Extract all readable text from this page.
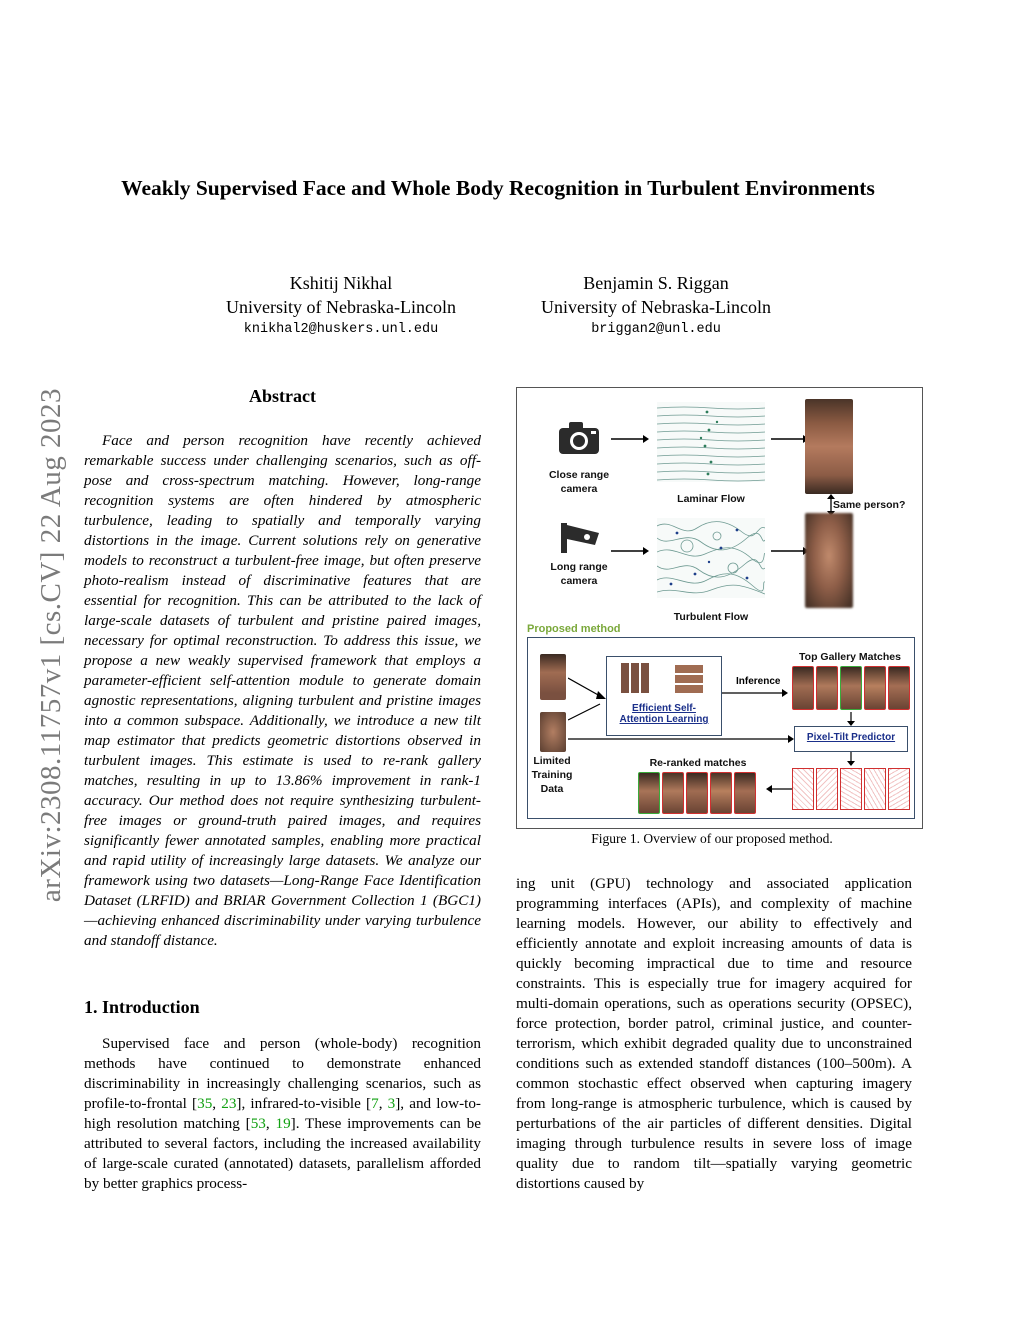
Weakly Supervised Face and Whole Body Recognition in Turbulent Environments
Kshitij Nikhal
University of Nebraska-Lincoln
knikhal2@huskers.unl.edu
Benjamin S. Riggan
University of Nebraska-Lincoln
briggan2@unl.edu
arXiv:2308.11757v1 [cs.CV] 22 Aug 2023	Abstract
Face and person recognition have recently achieved remarkable success under challenging scenarios, such as off-pose and cross-spectrum matching. However, long-range recognition systems are often hindered by atmospheric turbulence, leading to spatially and temporally varying distortions in the image. Current solutions rely on generative models to reconstruct a turbulent-free image, but often preserve photo-realism instead of discriminative features that are essential for recognition. This can be attributed to the lack of large-scale datasets of turbulent and pristine paired images, necessary for optimal reconstruction. To address this issue, we propose a new weakly supervised framework that employs a parameter-efficient self-attention module to generate domain agnostic representations, aligning turbulent and pristine images into a common subspace. Additionally, we introduce a new tilt map estimator that predicts geometric distortions observed in turbulent images. This estimate is used to re-rank gallery matches, resulting in up to 13.86% improvement in rank-1 accuracy. Our method does not require synthesizing turbulent-free images or ground-truth paired images, and requires significantly fewer annotated samples, enabling more practical and rapid utility of increasingly large datasets. We analyze our framework using two datasets—Long-Range Face Identification Dataset (LRFID) and BRIAR Government Collection 1 (BGC1)—achieving enhanced discriminability under varying turbulence and standoff distance.
1. Introduction
Supervised face and person (whole-body) recognition methods have continued to demonstrate enhanced discriminability in increasingly challenging scenarios, such as profile-to-frontal [35, 23], infrared-to-visible [7, 3], and low-to-high resolution matching [53, 19]. These improvements can be attributed to several factors, including the increased availability of large-scale curated (annotated) datasets, parallelism afforded by better graphics process-
ing unit (GPU) technology and associated application programming interfaces (APIs), and complexity of machine learning models. However, our ability to effectively and efficiently annotate and exploit increasing amounts of data is quickly becoming impractical due to time and resource constraints. This is especially true for imagery acquired for multi-domain operations, such as operations security (OPSEC), force protection, border patrol, criminal justice, and counter-terrorism, which exhibit degraded quality due to unconstrained conditions such as extended standoff distances (100–500m). A common stochastic effect observed when capturing imagery from long-range is atmospheric turbulence, which is caused by perturbations of the air particles of different densities. Digital imaging through turbulence results in severe loss of image quality due to random tilt—spatially varying geometric distortions caused by
Close range camera
Laminar Flow	Same person?
Long range camera
Turbulent Flow
Proposed method
Limited Training Data
Efficient Self-Attention Learning
Inference
Top Gallery Matches
Pixel-Tilt Predictor
Re-ranked matches
Figure 1. Overview of our proposed method.
